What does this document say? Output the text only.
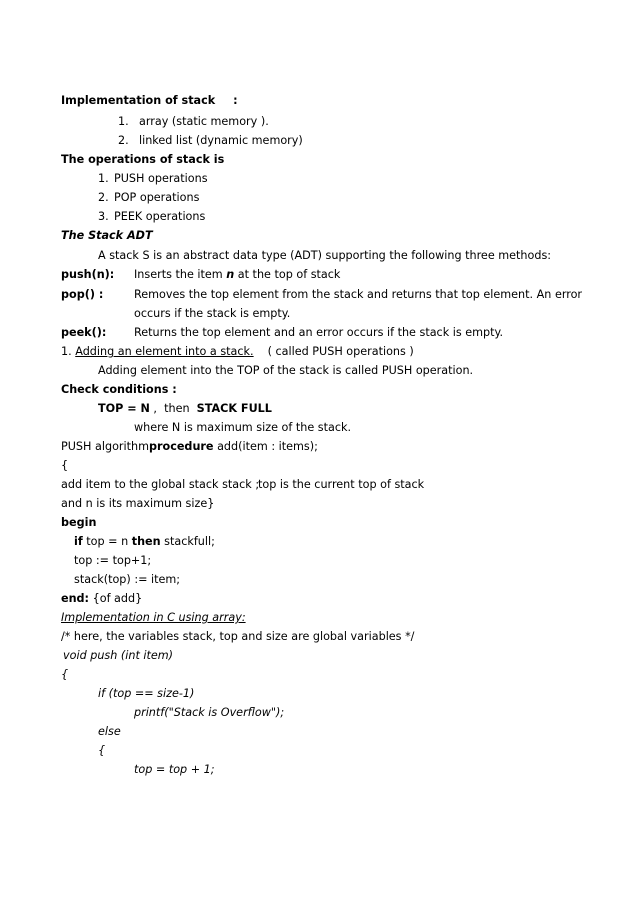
Implementation of stack :
1. array (static memory ).
2. linked list (dynamic memory)
The operations of stack is
1. PUSH operations
2. POP operations
3. PEEK operations
The Stack ADT
A stack S is an abstract data type (ADT) supporting the following three methods:
push(n): Inserts the item n at the top of stack
pop() :	Removes the top element from the stack and returns that top element. An error
occurs if the stack is empty.
peek(): Returns the top element and an error occurs if the stack is empty.
1. Adding an element into a stack. ( called PUSH operations )
Adding element into the TOP of the stack is called PUSH operation.
Check conditions :
TOP = N ,  then  STACK FULL
where N is maximum size of the stack.
PUSH algorithmprocedure add(item : items);
{
add item to the global stack stack ;
top is the current top of stack
and n is its maximum size}
begin
if top = n then stackfull;
top := top+1;
stack(top) := item;
end: {of add}
Implementation in C using array:
/* here, the variables stack, top and size are global variables */
void push (int item)
{
if (top == size-1)
printf("Stack is Overflow");
else
{
top = top + 1;
